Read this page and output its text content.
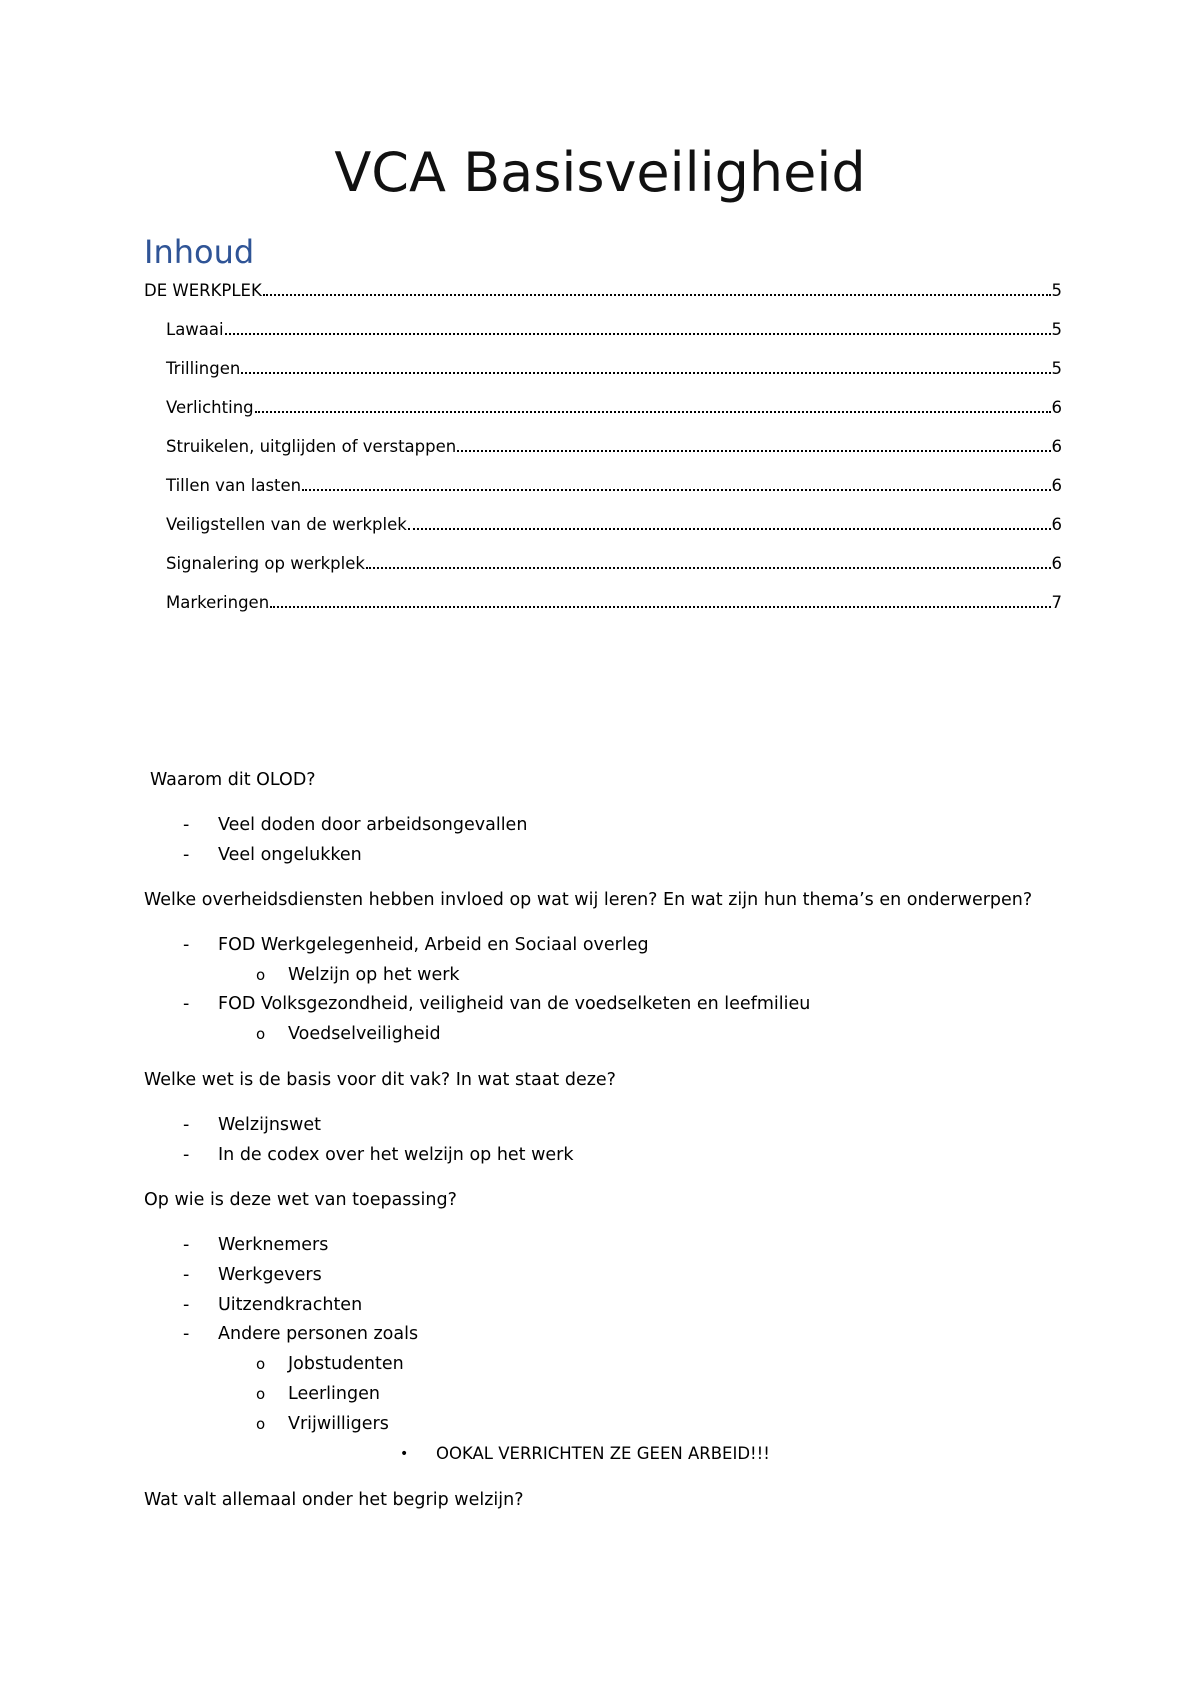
VCA Basisveiligheid
Inhoud
DE WERKPLEK	5
Lawaai	5
Trillingen	5
Verlichting	6
Struikelen, uitglijden of verstappen	6
Tillen van lasten	6
Veiligstellen van de werkplek	6
Signalering op werkplek	6
Markeringen	7
Waarom dit OLOD?
- Veel doden door arbeidsongevallen
- Veel ongelukken
Welke overheidsdiensten hebben invloed op wat wij leren? En wat zijn hun thema’s en onderwerpen?
- FOD Werkgelegenheid, Arbeid en Sociaal overleg
o Welzijn op het werk
- FOD Volksgezondheid, veiligheid van de voedselketen en leefmilieu
o Voedselveiligheid
Welke wet is de basis voor dit vak? In wat staat deze?
- Welzijnswet
- In de codex over het welzijn op het werk
Op wie is deze wet van toepassing?
- Werknemers
- Werkgevers
- Uitzendkrachten
- Andere personen zoals
o Jobstudenten
o Leerlingen
o Vrijwilligers
• OOKAL VERRICHTEN ZE GEEN ARBEID!!!
Wat valt allemaal onder het begrip welzijn?
